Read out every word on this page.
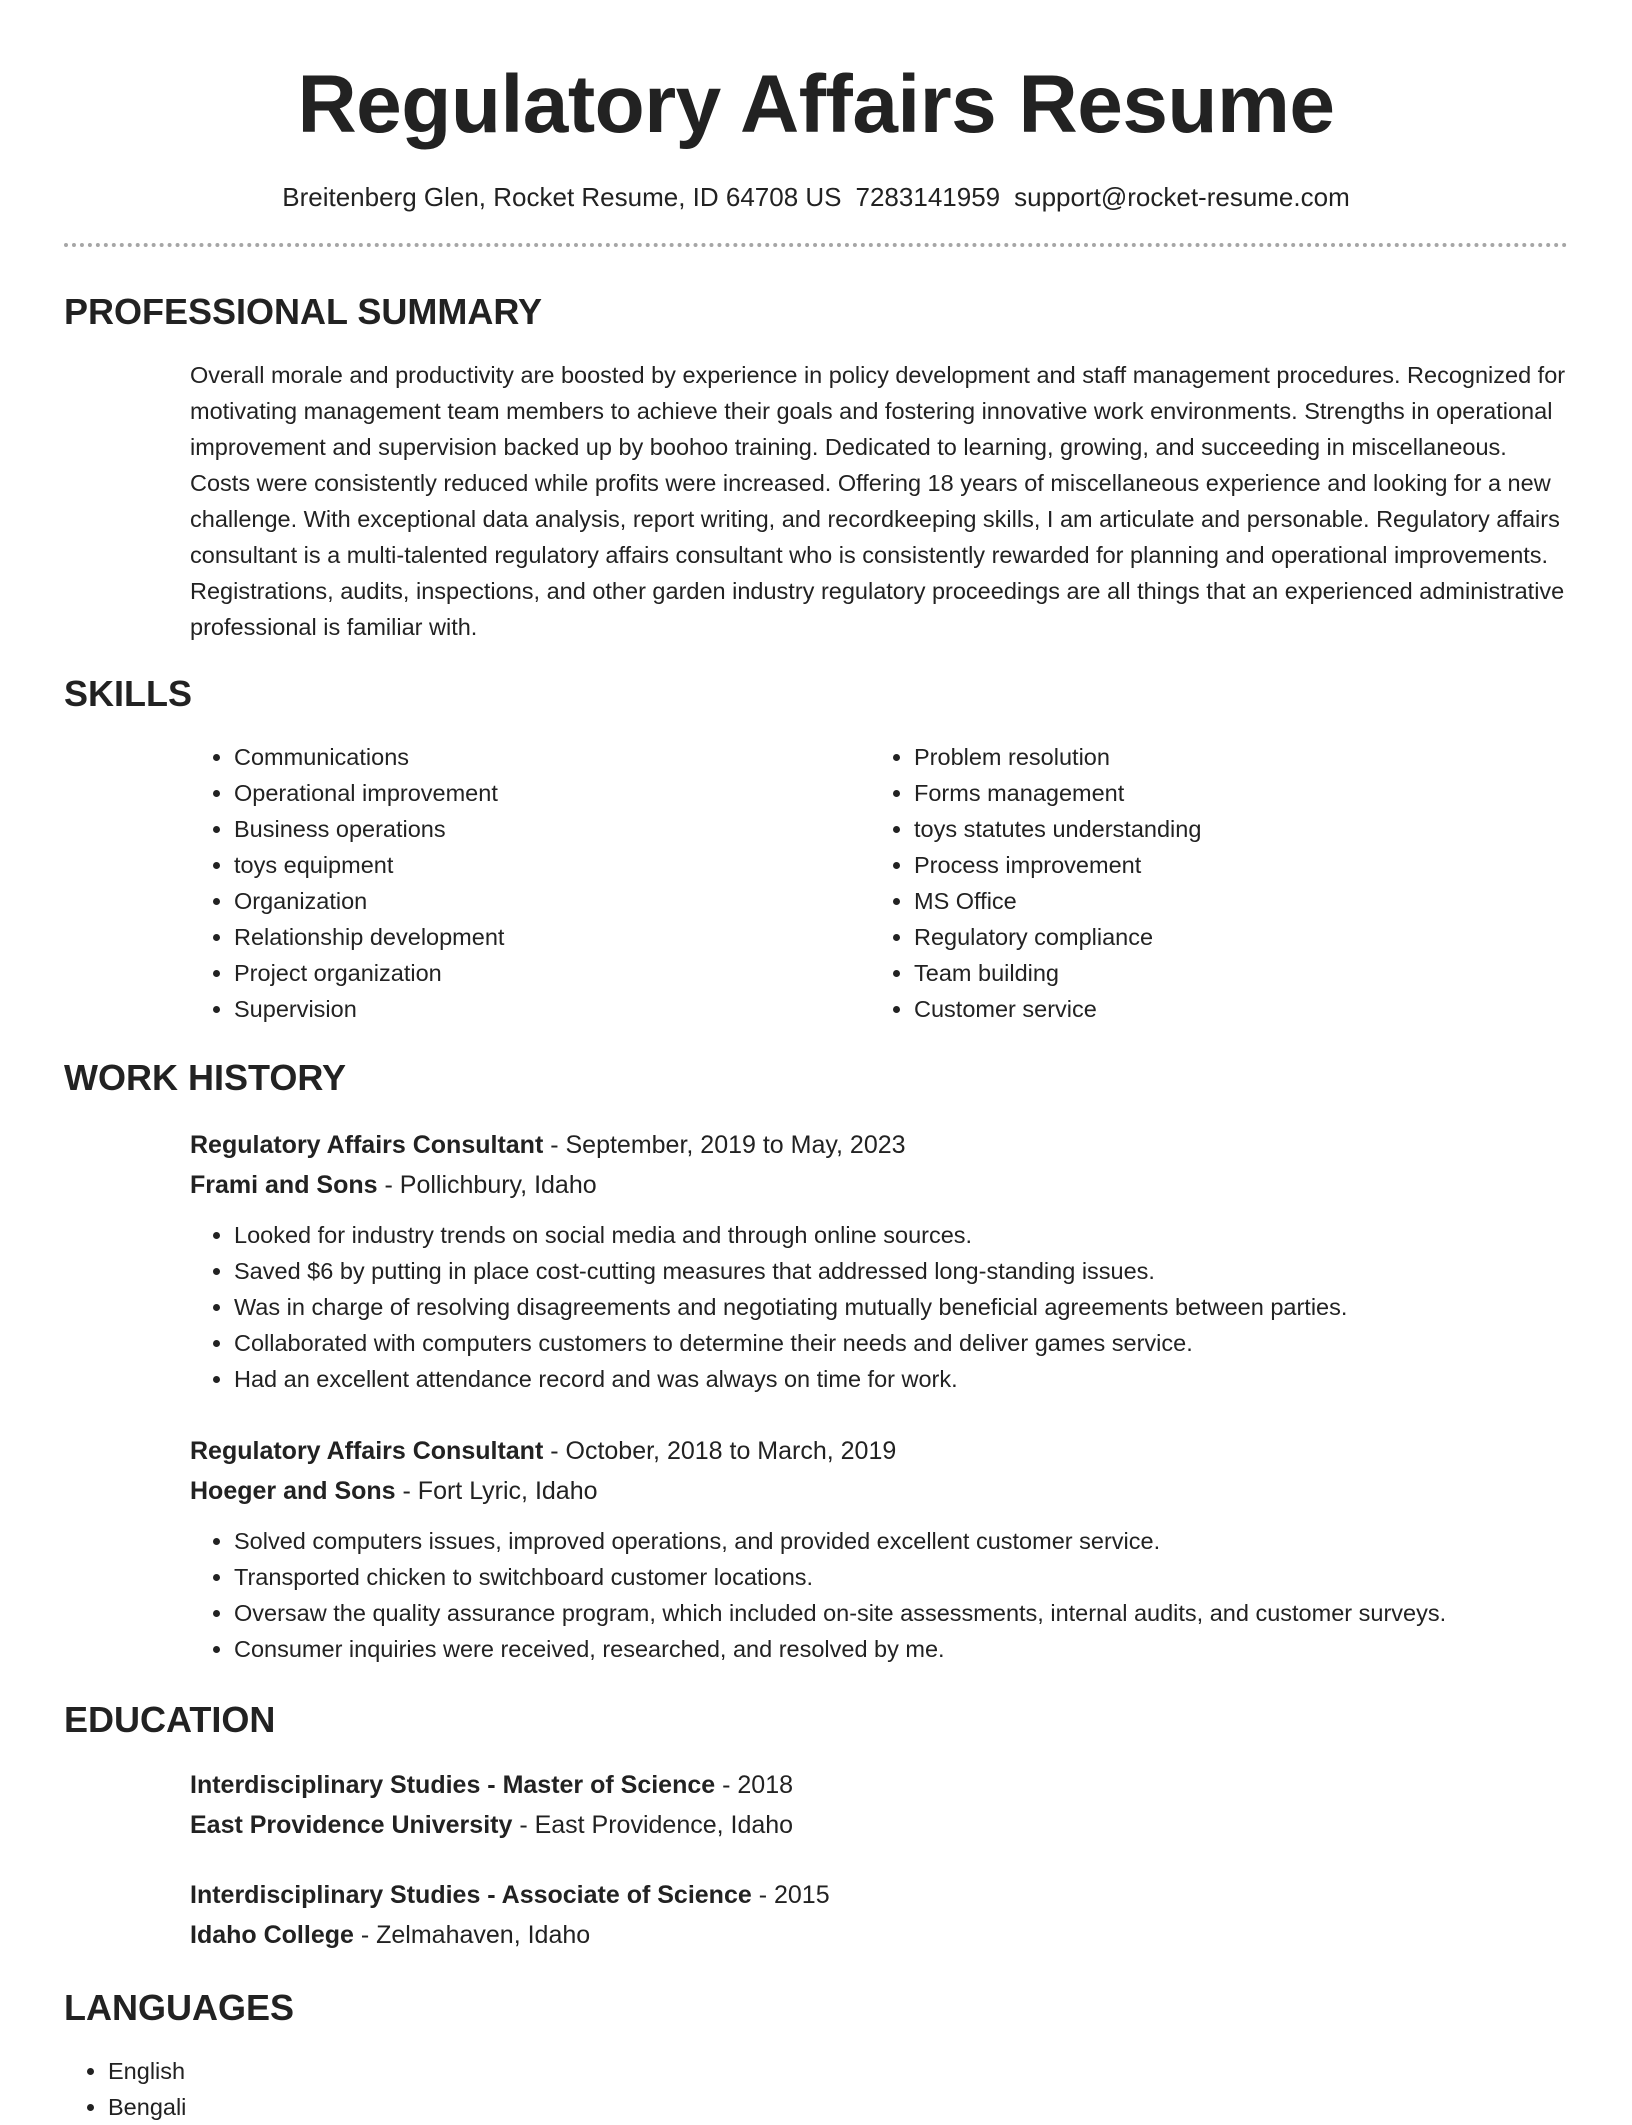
Regulatory Affairs Resume
Breitenberg Glen, Rocket Resume, ID 64708 US 7283141959 support@rocket-resume.com
PROFESSIONAL SUMMARY
Overall morale and productivity are boosted by experience in policy development and staff management procedures. Recognized for motivating management team members to achieve their goals and fostering innovative work environments. Strengths in operational improvement and supervision backed up by boohoo training. Dedicated to learning, growing, and succeeding in miscellaneous. Costs were consistently reduced while profits were increased. Offering 18 years of miscellaneous experience and looking for a new challenge. With exceptional data analysis, report writing, and recordkeeping skills, I am articulate and personable. Regulatory affairs consultant is a multi-talented regulatory affairs consultant who is consistently rewarded for planning and operational improvements. Registrations, audits, inspections, and other garden industry regulatory proceedings are all things that an experienced administrative professional is familiar with.
SKILLS
• Communications
• Operational improvement
• Business operations
• toys equipment
• Organization
• Relationship development
• Project organization
• Supervision
• Problem resolution
• Forms management
• toys statutes understanding
• Process improvement
• MS Office
• Regulatory compliance
• Team building
• Customer service
WORK HISTORY
Regulatory Affairs Consultant - September, 2019 to May, 2023
Frami and Sons - Pollichbury, Idaho
• Looked for industry trends on social media and through online sources.
• Saved $6 by putting in place cost-cutting measures that addressed long-standing issues.
• Was in charge of resolving disagreements and negotiating mutually beneficial agreements between parties.
• Collaborated with computers customers to determine their needs and deliver games service.
• Had an excellent attendance record and was always on time for work.
Regulatory Affairs Consultant - October, 2018 to March, 2019
Hoeger and Sons - Fort Lyric, Idaho
• Solved computers issues, improved operations, and provided excellent customer service.
• Transported chicken to switchboard customer locations.
• Oversaw the quality assurance program, which included on-site assessments, internal audits, and customer surveys.
• Consumer inquiries were received, researched, and resolved by me.
EDUCATION
Interdisciplinary Studies - Master of Science - 2018
East Providence University - East Providence, Idaho
Interdisciplinary Studies - Associate of Science - 2015
Idaho College - Zelmahaven, Idaho
LANGUAGES
• English
• Bengali
